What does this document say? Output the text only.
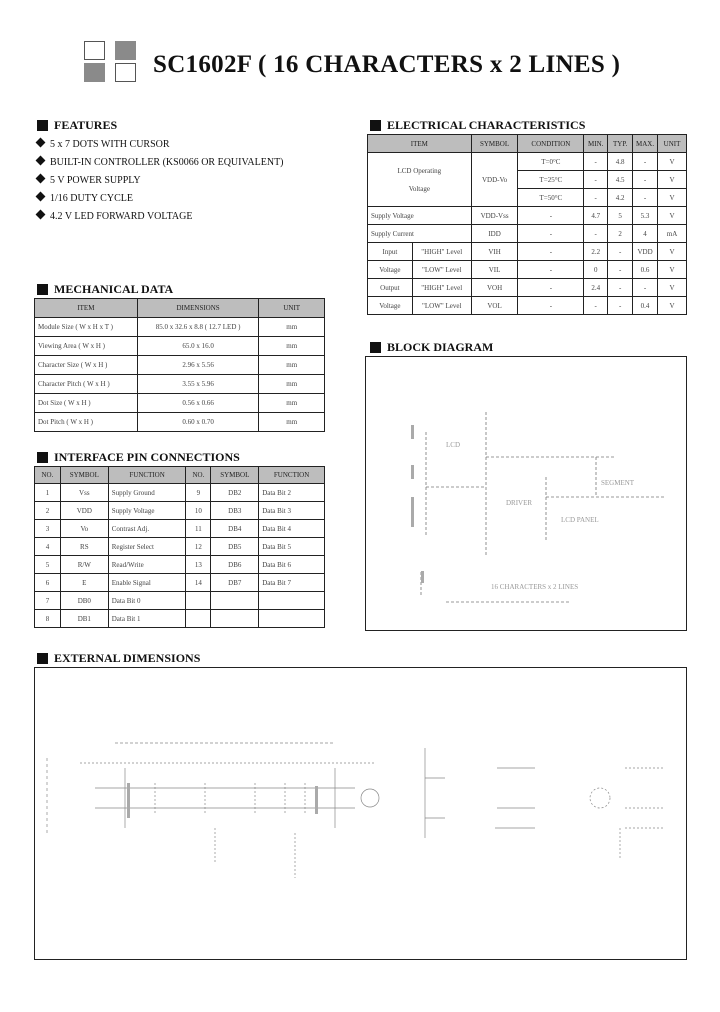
SC1602F ( 16 CHARACTERS x 2 LINES )
FEATURES
5 x 7 DOTS WITH CURSOR
BUILT-IN CONTROLLER (KS0066 OR EQUIVALENT)
5 V POWER SUPPLY
1/16 DUTY CYCLE
4.2 V LED FORWARD VOLTAGE
MECHANICAL DATA
ITEM	DIMENSIONS	UNIT
Module Size ( W x H x T )	85.0 x 32.6 x 8.8 ( 12.7 LED )	mm
Viewing Area ( W x H )	65.0 x 16.0	mm
Character Size ( W x H )	2.96 x 5.56	mm
Character Pitch ( W x H )	3.55 x 5.96	mm
Dot Size ( W x H )	0.56 x 0.66	mm
Dot Pitch ( W x H )	0.60 x 0.70	mm
INTERFACE PIN CONNECTIONS
NO.	SYMBOL	FUNCTION	NO.	SYMBOL	FUNCTION
1	Vss	Supply Ground	9	DB2	Data Bit 2
2	VDD	Supply Voltage	10	DB3	Data Bit 3
3	Vo	Contrast Adj.	11	DB4	Data Bit 4
4	RS	Register Select	12	DB5	Data Bit 5
5	R/W	Read/Write	13	DB6	Data Bit 6
6	E	Enable Signal	14	DB7	Data Bit 7
7	DB0	Data Bit 0			
8	DB1	Data Bit 1			
ELECTRICAL CHARACTERISTICS
ITEM		SYMBOL	CONDITION	MIN.	TYP.	MAX.	UNIT

LCD Operating
Voltage		VDD-Vo	T=0°C	-	4.8	-	V
			T=25°C	-	4.5	-	V
			T=50°C	-	4.2	-	V
Supply Voltage		VDD-Vss	-	4.7	5	5.3	V
Supply Current		IDD	-	-	2	4	mA
Input	"HIGH" Level	VIH	-	2.2	-	VDD	V
Voltage	"LOW" Level	VIL	-	0	-	0.6	V
Output	"HIGH" Level	VOH	-	2.4	-	-	V
Voltage	"LOW" Level	VOL	-	-	-	0.4	V
BLOCK DIAGRAM
LCD
DRIVER
SEGMENT
LCD PANEL
16 CHARACTERS x 2 LINES
EXTERNAL DIMENSIONS
